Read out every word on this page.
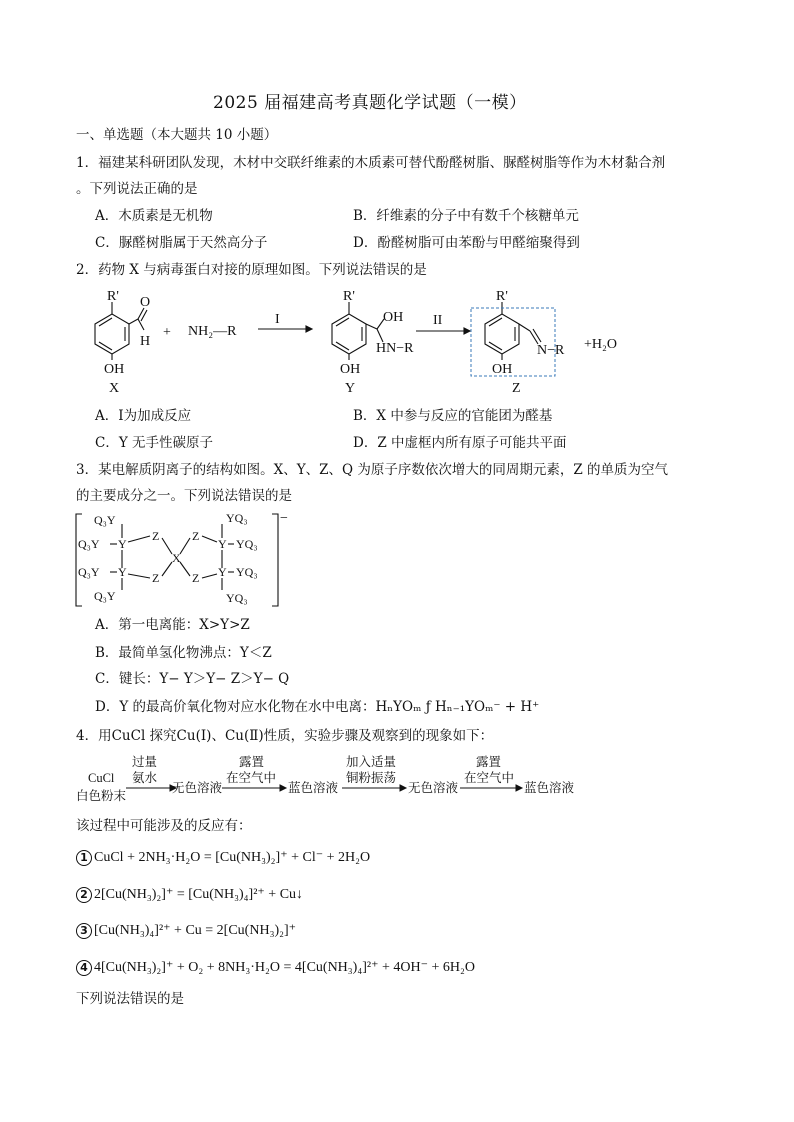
2025 届福建高考真题化学试题（一模）
一、单选题（本大题共 10 小题）
1．福建某科研团队发现，木材中交联纤维素的木质素可替代酚醛树脂、脲醛树脂等作为木材黏合剂
。下列说法正确的是
A．木质素是无机物	B．纤维素的分子中有数千个核糖单元
C．脲醛树脂属于天然高分子	D．酚醛树脂可由苯酚与甲醛缩聚得到
2．药物 X 与病毒蛋白对接的原理如图。下列说法错误的是
R' O
H
OH
X
+ NH₂—R
I
R'
OH
HN−R
OH
Y
II
R'
N−R
OH
Z
+H₂O
A．Ⅰ为加成反应	B．X 中参与反应的官能团为醛基
C．Y 无手性碳原子	D．Z 中虚框内所有原子可能共平面
3．某电解质阴离子的结构如图。X、Y、Z、Q 为原子序数依次增大的同周期元素，Z 的单质为空气
的主要成分之一。下列说法错误的是
−
Q₃Y
Q₃Y
Q₃Y
Q₃Y
Y
Y
Z
Z
X
Z
Z
Y
Y
YQ₃
YQ₃
YQ₃
YQ₃
A．第一电离能：X>Y>Z
B．最简单氢化物沸点：Y＜Z
C．键长：Y− Y＞Y− Z＞Y− Q
D．Y 的最高价氧化物对应水化物在水中电离：HₙYOₘ ƒ Hₙ₋₁YOₘ⁻ + H⁺
4．用CuCl 探究Cu(Ⅰ)、Cu(Ⅱ)性质，实验步骤及观察到的现象如下：
CuCl
白色粉末
过量
氨水
无色溶液
露置
在空气中
蓝色溶液
加入适量
铜粉振荡
无色溶液
露置
在空气中
蓝色溶液
该过程中可能涉及的反应有：
1 CuCl + 2NH₃·H₂O = [Cu(NH₃)₂]⁺ + Cl⁻ + 2H₂O
2 2[Cu(NH₃)₂]⁺ = [Cu(NH₃)₄]²⁺ + Cu↓
3 [Cu(NH₃)₄]²⁺ + Cu = 2[Cu(NH₃)₂]⁺
4 4[Cu(NH₃)₂]⁺ + O₂ + 8NH₃·H₂O = 4[Cu(NH₃)₄]²⁺ + 4OH⁻ + 6H₂O
下列说法错误的是
